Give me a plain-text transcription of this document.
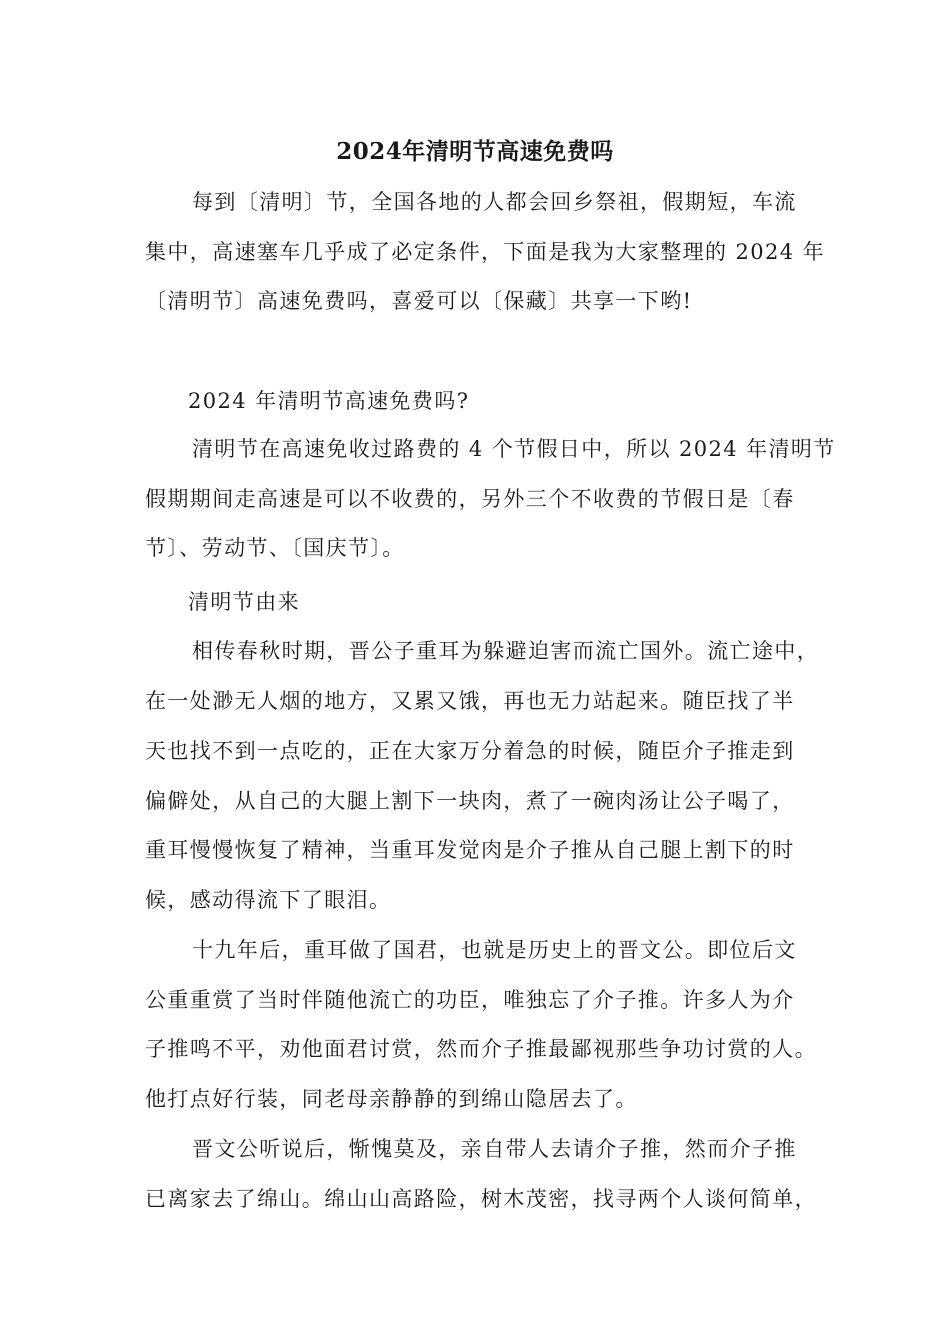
2024年清明节高速免费吗
每到〔清明〕节，全国各地的人都会回乡祭祖，假期短，车流
集中，高速塞车几乎成了必定条件，下面是我为大家整理的 2024 年
〔清明节〕高速免费吗，喜爱可以〔保藏〕共享一下哟!
2024 年清明节高速免费吗?
清明节在高速免收过路费的 4 个节假日中，所以 2024 年清明节
假期期间走高速是可以不收费的，另外三个不收费的节假日是〔春
节〕、劳动节、〔国庆节〕。
清明节由来
相传春秋时期，晋公子重耳为躲避迫害而流亡国外。流亡途中，
在一处渺无人烟的地方，又累又饿，再也无力站起来。随臣找了半
天也找不到一点吃的，正在大家万分着急的时候，随臣介子推走到
偏僻处，从自己的大腿上割下一块肉，煮了一碗肉汤让公子喝了，
重耳慢慢恢复了精神，当重耳发觉肉是介子推从自己腿上割下的时
候，感动得流下了眼泪。
十九年后，重耳做了国君，也就是历史上的晋文公。即位后文
公重重赏了当时伴随他流亡的功臣，唯独忘了介子推。许多人为介
子推鸣不平，劝他面君讨赏，然而介子推最鄙视那些争功讨赏的人。
他打点好行装，同老母亲静静的到绵山隐居去了。
晋文公听说后，惭愧莫及，亲自带人去请介子推，然而介子推
已离家去了绵山。绵山山高路险，树木茂密，找寻两个人谈何简单，
